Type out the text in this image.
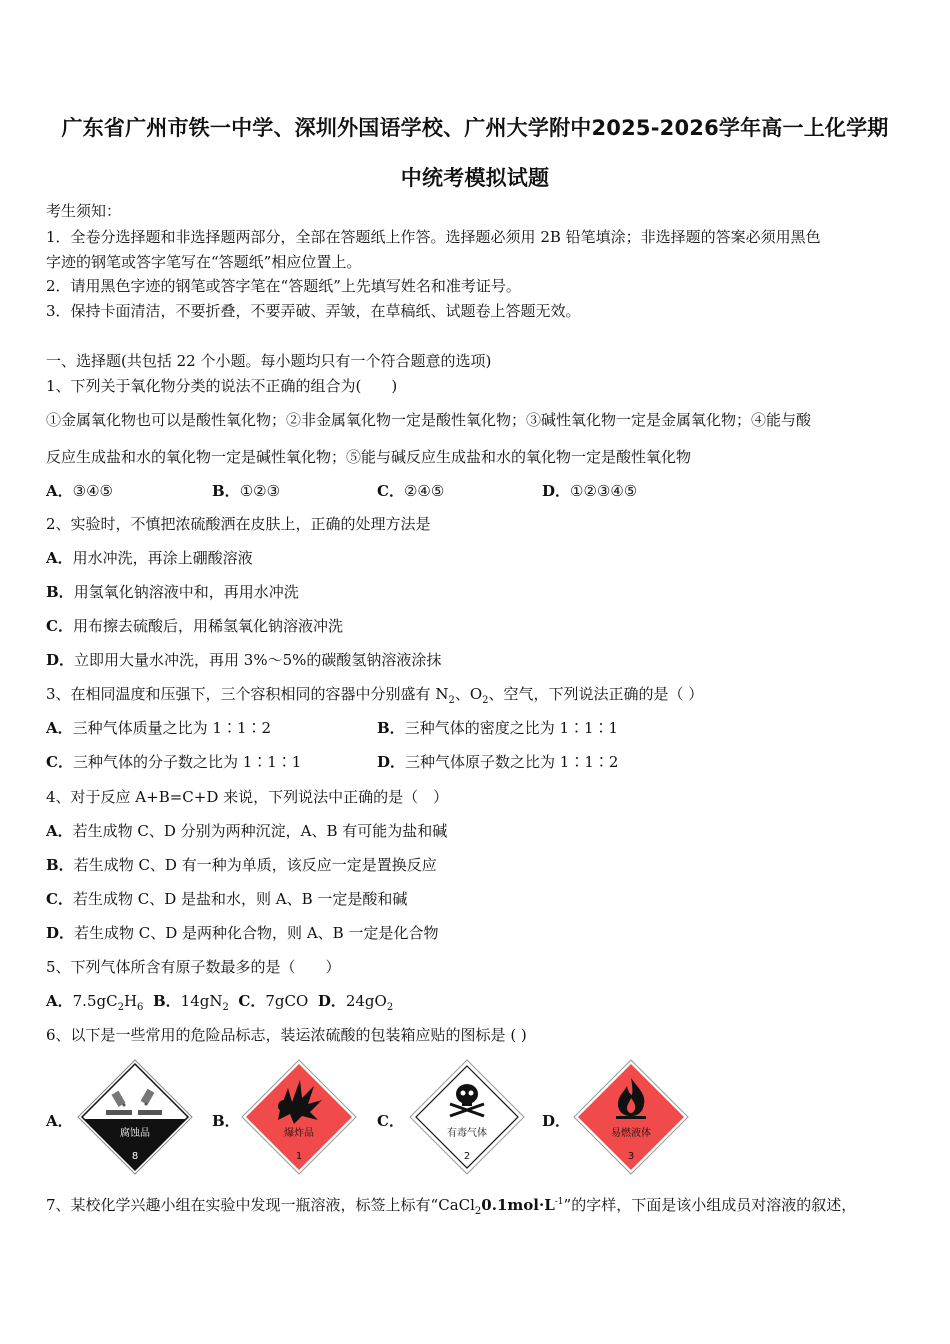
广东省广州市铁一中学、深圳外国语学校、广州大学附中2025-2026学年高一上化学期
中统考模拟试题
考生须知：
1．全卷分选择题和非选择题两部分，全部在答题纸上作答。选择题必须用 2B 铅笔填涂；非选择题的答案必须用黑色
字迹的钢笔或答字笔写在“答题纸”相应位置上。
2．请用黑色字迹的钢笔或答字笔在“答题纸”上先填写姓名和准考证号。
3．保持卡面清洁，不要折叠，不要弄破、弄皱，在草稿纸、试题卷上答题无效。
一、选择题(共包括 22 个小题。每小题均只有一个符合题意的选项)
1、下列关于氧化物分类的说法不正确的组合为(　　)
①金属氧化物也可以是酸性氧化物；②非金属氧化物一定是酸性氧化物；③碱性氧化物一定是金属氧化物；④能与酸
反应生成盐和水的氧化物一定是碱性氧化物；⑤能与碱反应生成盐和水的氧化物一定是酸性氧化物
A．③④⑤	B．①②③	C．②④⑤	D．①②③④⑤
2、实验时，不慎把浓硫酸洒在皮肤上，正确的处理方法是
A．用水冲洗，再涂上硼酸溶液
B．用氢氧化钠溶液中和，再用水冲洗
C．用布擦去硫酸后，用稀氢氧化钠溶液冲洗
D．立即用大量水冲洗，再用 3%～5%的碳酸氢钠溶液涂抹
3、在相同温度和压强下，三个容积相同的容器中分别盛有 $N_2$、$O_2$、空气，下列说法正确的是（ ）
A．三种气体质量之比为 1∶1∶2	B．三种气体的密度之比为 1∶1∶1
C．三种气体的分子数之比为 1∶1∶1	D．三种气体原子数之比为 1∶1∶2
4、对于反应 A+B=C+D 来说，下列说法中正确的是（　）
A．若生成物 C、D 分别为两种沉淀，A、B 有可能为盐和碱
B．若生成物 C、D 有一种为单质，该反应一定是置换反应
C．若生成物 C、D 是盐和水，则 A、B 一定是酸和碱
D．若生成物 C、D 是两种化合物，则 A、B 一定是化合物
5、下列气体所含有原子数最多的是（　　）
A．$7.5gC_2H_6$ B．$14gN_2$ C．7gCO D．$24gO_2$
6、以下是一些常用的危险品标志，装运浓硫酸的包装箱应贴的图标是 ( )
A．
腐蚀品
8
B．
爆炸品
1
C．
有毒气体
2
D．
易燃液体
3
7、某校化学兴趣小组在实验中发现一瓶溶液，标签上标有“$CaCl_20.1mol\cdot L^{-1}$”的字样，下面是该小组成员对溶液的叙述，
